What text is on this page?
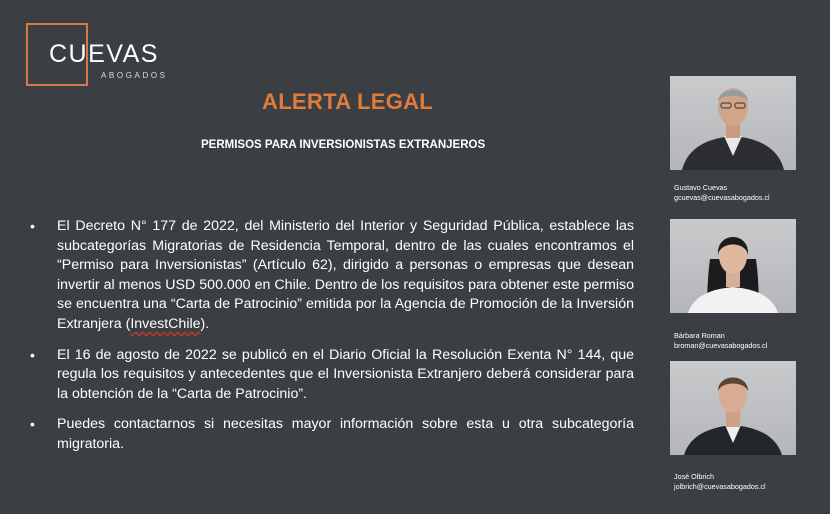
CUEVAS
ABOGADOS
ALERTA LEGAL
PERMISOS PARA INVERSIONISTAS EXTRANJEROS
• El Decreto N° 177 de 2022, del Ministerio del Interior y Seguridad Pública, establece las subcategorías Migratorias de Residencia Temporal, dentro de las cuales encontramos el “Permiso para Inversionistas” (Artículo 62), dirigido a personas o empresas que desean invertir al menos USD 500.000 en Chile. Dentro de los requisitos para obtener este permiso se encuentra una “Carta de Patrocinio” emitida por la Agencia de Promoción de la Inversión Extranjera (InvestChile).
• El 16 de agosto de 2022 se publicó en el Diario Oficial la Resolución Exenta N° 144, que regula los requisitos y antecedentes que el Inversionista Extranjero deberá considerar para la obtención de la “Carta de Patrocinio”.
• Puedes contactarnos si necesitas mayor información sobre esta u otra subcategoría migratoria.
Gustavo Cuevas
gcuevas@cuevasabogados.cl
Bárbara Roman
broman@cuevasabogados.cl
José Olbrich
jolbrich@cuevasabogados.cl
